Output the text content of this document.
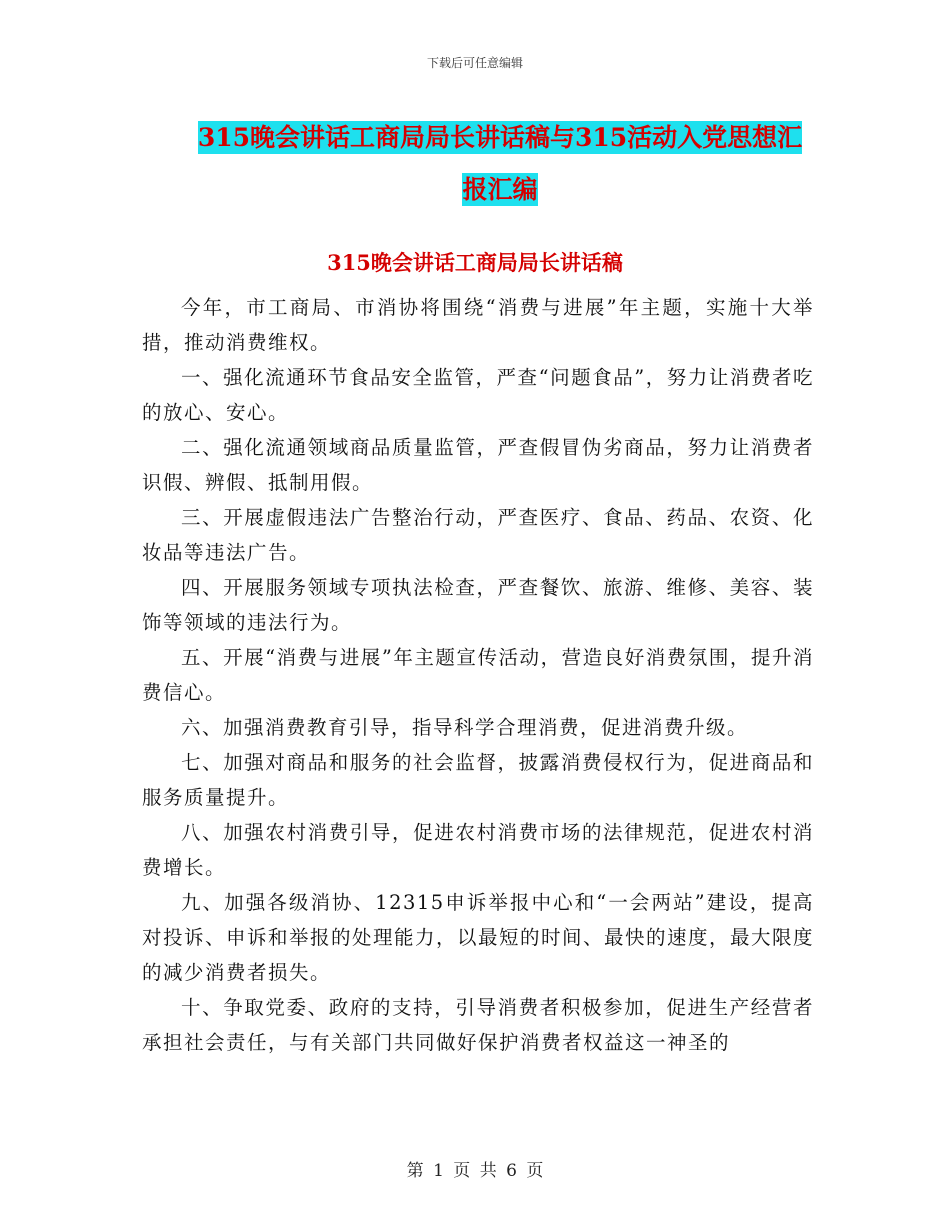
下载后可任意编辑
315晚会讲话工商局局长讲话稿与315活动入党思想汇
报汇编
315晚会讲话工商局局长讲话稿

今年，市工商局、市消协将围绕“消费与进展”年主题，实施十大举措，推动消费维权。

一、强化流通环节食品安全监管，严查“问题食品”，努力让消费者吃的放心、安心。

二、强化流通领域商品质量监管，严查假冒伪劣商品，努力让消费者识假、辨假、抵制用假。

三、开展虚假违法广告整治行动，严查医疗、食品、药品、农资、化妆品等违法广告。

四、开展服务领域专项执法检查，严查餐饮、旅游、维修、美容、装饰等领域的违法行为。

五、开展“消费与进展”年主题宣传活动，营造良好消费氛围，提升消费信心。

六、加强消费教育引导，指导科学合理消费，促进消费升级。

七、加强对商品和服务的社会监督，披露消费侵权行为，促进商品和服务质量提升。

八、加强农村消费引导，促进农村消费市场的法律规范，促进农村消费增长。

九、加强各级消协、12315申诉举报中心和“一会两站”建设，提高对投诉、申诉和举报的处理能力，以最短的时间、最快的速度，最大限度的减少消费者损失。

十、争取党委、政府的支持，引导消费者积极参加，促进生产经营者承担社会责任，与有关部门共同做好保护消费者权益这一神圣的

第 1 页 共 6 页
